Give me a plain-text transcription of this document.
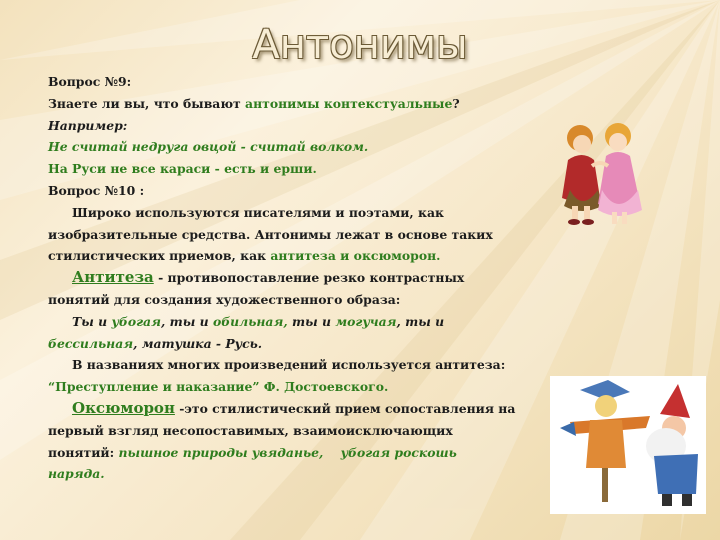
Антонимы

Вопрос №9:

Знаете ли вы, что бывают антонимы контекстуальные?

Например:

Не считай недруга овцой - считай волком.

На Руси не все караси - есть и ерши.

Вопрос №10 :

Широко используются писателями и поэтами, как

изобразительные средства. Антонимы лежат в основе таких

стилистических приемов, как антитеза и оксюморон.

Антитеза - противопоставление резко контрастных

понятий для создания художественного образа:

Ты и убогая, ты и обильная, ты и могучая, ты и

бессильная, матушка - Русь.

В названиях многих произведений используется антитеза:

“Преступление и наказание” Ф. Достоевского.

Оксюморон -это стилистический прием сопоставления на

первый взгляд несопоставимых, взаимоисключающих

понятий: пышное природы увяданье, убогая роскошь

наряда.
